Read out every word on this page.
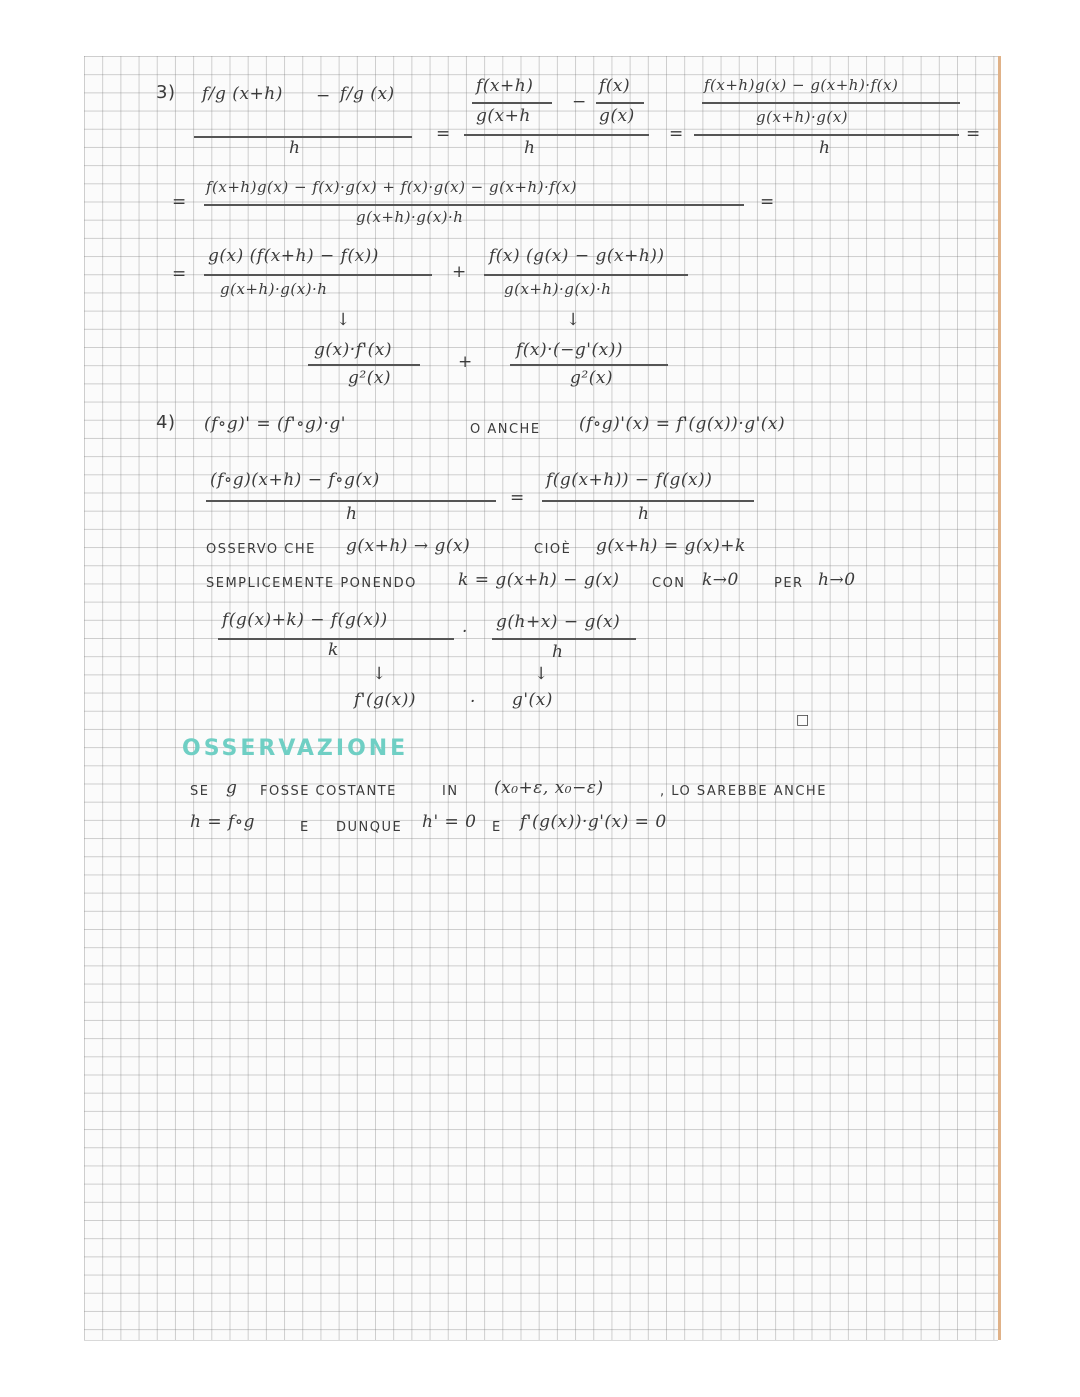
3) f/g (x+h) − f/g (x)
h
=
f(x+h)
g(x+h
−
f(x)
g(x)
h
=
f(x+h)g(x) − g(x+h)·f(x)
g(x+h)·g(x)
h
=
=
f(x+h)g(x) − f(x)·g(x) + f(x)·g(x) − g(x+h)·f(x)
g(x+h)·g(x)·h
=
=
g(x) (f(x+h) − f(x))
g(x+h)·g(x)·h
+
f(x) (g(x) − g(x+h))
g(x+h)·g(x)·h
↓	↓
g(x)·f'(x)
g²(x)
+
f(x)·(−g'(x))
g²(x)
4) (f∘g)' = (f'∘g)·g'	O ANCHE (f∘g)'(x) = f'(g(x))·g'(x)
(f∘g)(x+h) − f∘g(x)
h
=
f(g(x+h)) − f(g(x))
h
OSSERVO CHE g(x+h) → g(x)	CIOÈ g(x+h) = g(x)+k
SEMPLICEMENTE PONENDO k = g(x+h) − g(x) CON k→0	PER h→0
f(g(x)+k) − f(g(x))
k
· g(h+x) − g(x)
h
↓	↓
f'(g(x))	· g'(x)
□
OSSERVAZIONE
SE g FOSSE COSTANTE	IN (x₀+ε, x₀−ε)	, LO SAREBBE ANCHE
h = f∘g	E DUNQUE h' = 0 E f'(g(x))·g'(x) = 0
